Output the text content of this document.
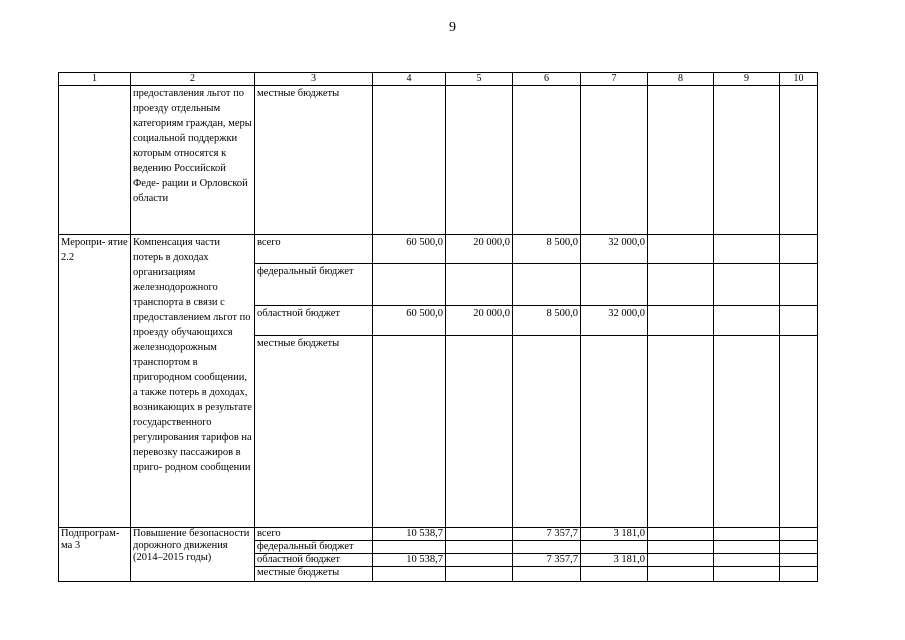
9
1	2	3	4	5	6	7	8	9	10
	предоставления льгот по проезду отдельным категориям граждан, меры социальной поддержки которым относятся к ведению Российской Феде- рации и Орловской области	местные бюджеты							
Меропри- ятие 2.2	Компенсация части потерь в доходах организациям железнодорожного транспорта в связи с предоставлением льгот по проезду обучающихся железнодорожным транспортом в пригородном сообщении, а также потерь в доходах, возникающих в результате государственного регулирования тарифов на перевозку пассажиров в приго- родном сообщении	всего	60 500,0	20 000,0	8 500,0	32 000,0			
		федеральный бюджет							
		областной бюджет	60 500,0	20 000,0	8 500,0	32 000,0			
		местные бюджеты							
Подпрограм- ма 3	Повышение безопасности дорожного движения (2014–2015 годы)	всего	10 538,7		7 357,7	3 181,0			
		федеральный бюджет							
		областной бюджет	10 538,7		7 357,7	3 181,0			
		местные бюджеты							
